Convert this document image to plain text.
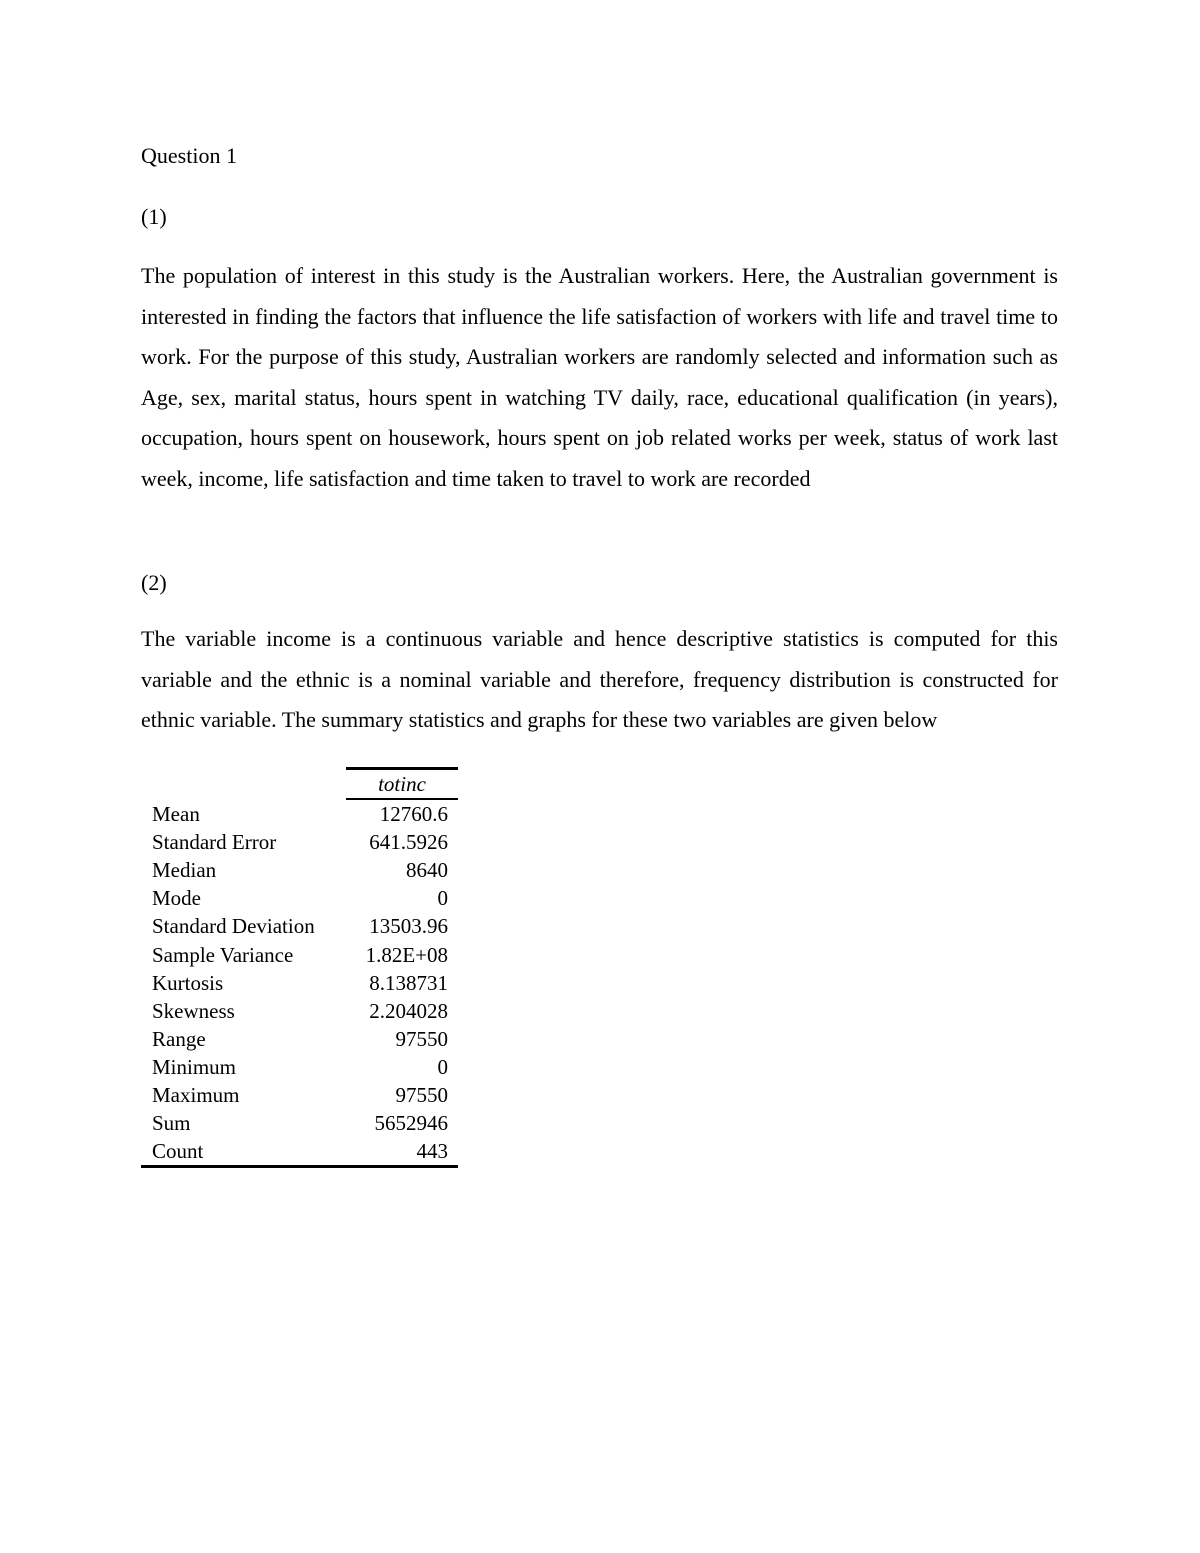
Question 1
(1)
The population of interest in this study is the Australian workers. Here, the Australian government is interested in finding the factors that influence the life satisfaction of workers with life and travel time to work. For the purpose of this study, Australian workers are randomly selected and information such as Age, sex, marital status, hours spent in watching TV daily, race, educational qualification (in years), occupation, hours spent on housework, hours spent on job related works per week, status of work last week, income, life satisfaction and time taken to travel to work are recorded
(2)
The variable income is a continuous variable and hence descriptive statistics is computed for this variable and the ethnic is a nominal variable and therefore, frequency distribution is constructed for ethnic variable. The summary statistics and graphs for these two variables are given below
	totinc
Mean	12760.6
Standard Error	641.5926
Median	8640
Mode	0
Standard Deviation	13503.96
Sample Variance	1.82E+08
Kurtosis	8.138731
Skewness	2.204028
Range	97550
Minimum	0
Maximum	97550
Sum	5652946
Count	443
